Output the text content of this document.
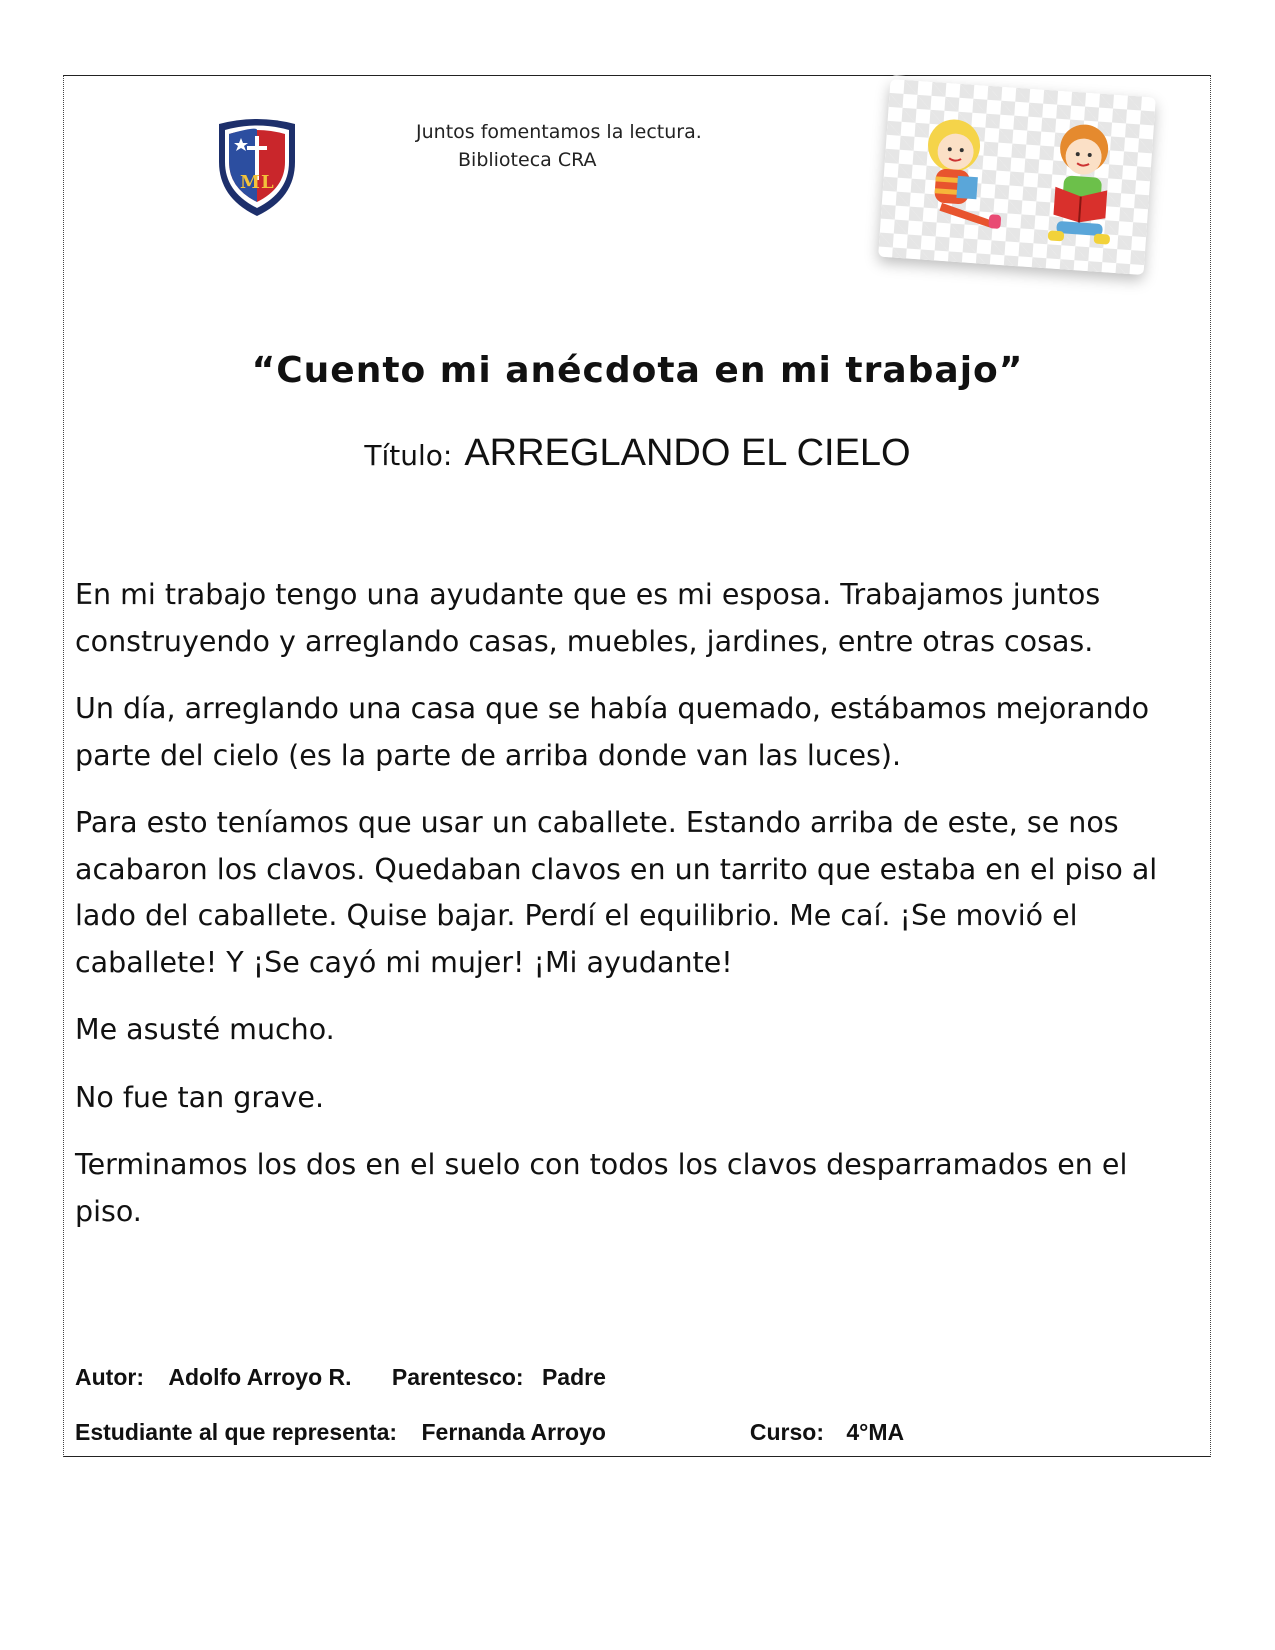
M L
Juntos fomentamos la lectura.
Biblioteca CRA
“Cuento mi anécdota en mi trabajo”
Título: ARREGLANDO EL CIELO

En mi trabajo tengo una ayudante que es mi esposa. Trabajamos juntos construyendo y arreglando casas, muebles, jardines, entre otras cosas.

Un día, arreglando una casa que se había quemado, estábamos mejorando parte del cielo (es la parte de arriba donde van las luces).

Para esto teníamos que usar un caballete. Estando arriba de este, se nos acabaron los clavos. Quedaban clavos en un tarrito que estaba en el piso al lado del caballete. Quise bajar. Perdí el equilibrio. Me caí. ¡Se movió el caballete! Y ¡Se cayó mi mujer! ¡Mi ayudante!

Me asusté mucho.

No fue tan grave.

Terminamos los dos en el suelo con todos los clavos desparramados en el piso.

Autor: Adolfo Arroyo R. Parentesco: Padre
Estudiante al que representa: Fernanda Arroyo	Curso: 4°MA
